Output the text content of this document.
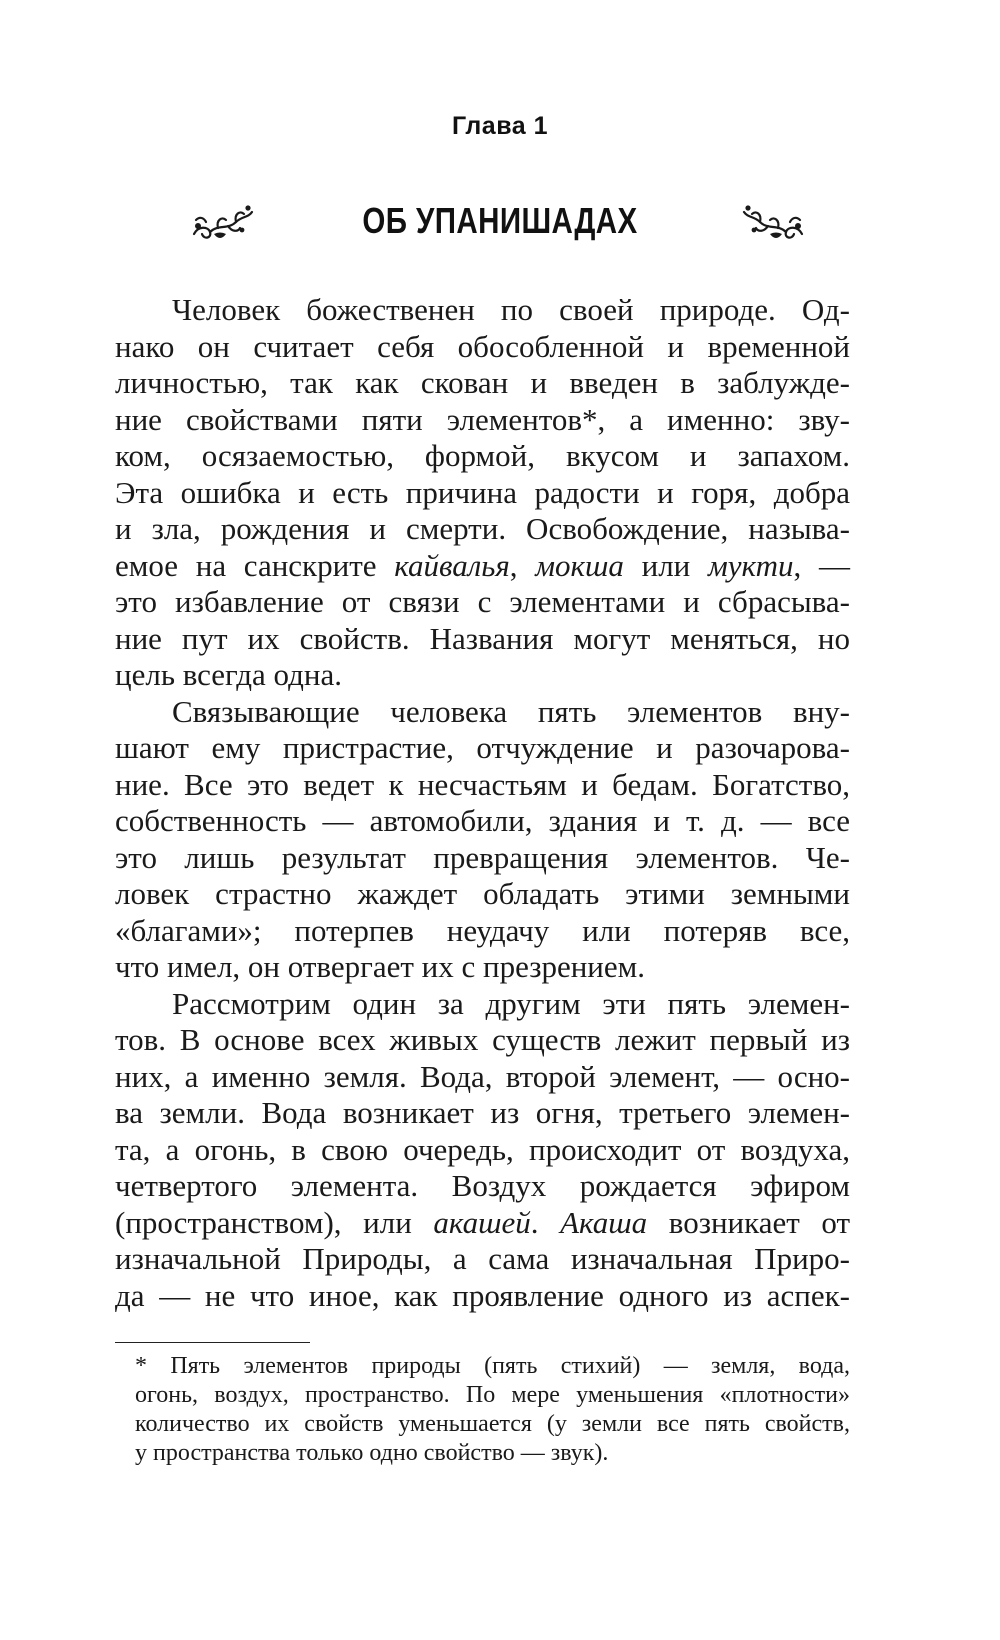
Глава 1
ОБ УПАНИШАДАХ
Человек божественен по своей природе. Од-
нако он считает себя обособленной и временной
личностью, так как скован и введен в заблужде-
ние свойствами пяти элементов*, а именно: зву-
ком, осязаемостью, формой, вкусом и запахом.
Эта ошибка и есть причина радости и горя, добра
и зла, рождения и смерти. Освобождение, называ-
емое на санскрите кайвалья, мокша или мукти, —
это избавление от связи с элементами и сбрасыва-
ние пут их свойств. Названия могут меняться, но
цель всегда одна.
Связывающие человека пять элементов вну-
шают ему пристрастие, отчуждение и разочарова-
ние. Все это ведет к несчастьям и бедам. Богатство,
собственность — автомобили, здания и т. д. — все
это лишь результат превращения элементов. Че-
ловек страстно жаждет обладать этими земными
«благами»; потерпев неудачу или потеряв все,
что имел, он отвергает их с презрением.
Рассмотрим один за другим эти пять элемен-
тов. В основе всех живых существ лежит первый из
них, а именно земля. Вода, второй элемент, — осно-
ва земли. Вода возникает из огня, третьего элемен-
та, а огонь, в свою очередь, происходит от воздуха,
четвертого элемента. Воздух рождается эфиром
(пространством), или акашей. Акаша возникает от
изначальной Природы, а сама изначальная Приро-
да — не что иное, как проявление одного из аспек-
* Пять элементов природы (пять стихий) — земля, вода,
огонь, воздух, пространство. По мере уменьшения «плотности»
количество их свойств уменьшается (у земли все пять свойств,
у пространства только одно свойство — звук).
